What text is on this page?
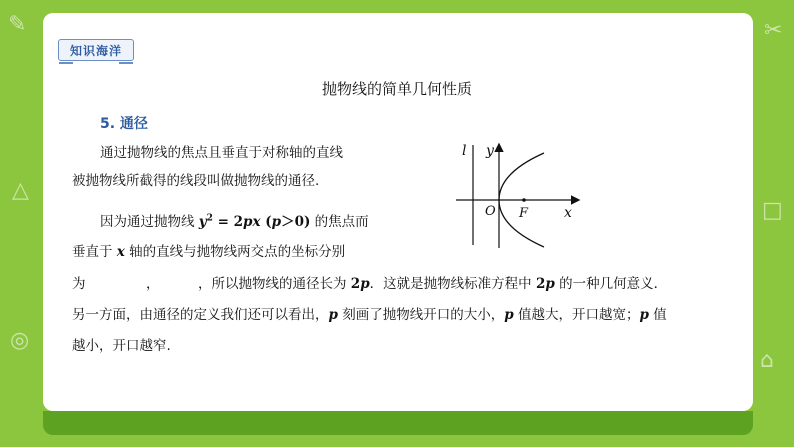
✎
△
◎
✂
□
⌂
知识海洋
抛物线的简单几何性质
5. 通径
通过抛物线的焦点且垂直于对称轴的直线
被抛物线所截得的线段叫做抛物线的通径.
因为通过抛物线 $y^2 = 2px$ (p＞0) 的焦点而
垂直于 x 轴的直线与抛物线两交点的坐标分别
为	，	，所以抛物线的通径长为 2p．这就是抛物线标准方程中 2p 的一种几何意义．
另一方面，由通径的定义我们还可以看出，p 刻画了抛物线开口的大小，p 值越大，开口越宽；p 值
越小，开口越窄.
l y
O F	x
